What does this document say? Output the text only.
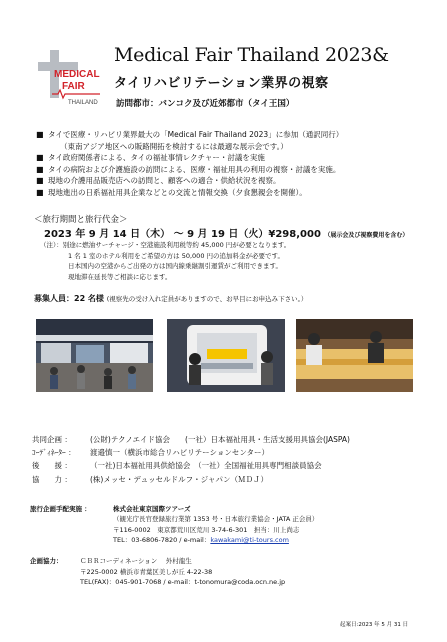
MEDICAL
FAIR
THAILAND
Medical Fair Thailand 2023&
タイリハビリテーション業界の視察
訪問都市：バンコク及び近郊都市（タイ王国）
■ タイで医療・リハビリ業界最大の「Medical Fair Thailand 2023」に参加（通訳同行）
（東南アジア地区への販路開拓を検討するには最適な展示会です。）
■ タイ政府関係者による、タイの福祉事情レクチャー・討議を実施
■ タイの病院および介護施設の訪問による、医療・福祉用具の利用の視察・討議を実施。
■ 現地の介護用品販売店への訪問と、顧客への適合・供給状況を視察。
■ 現地進出の日系福祉用具企業などとの交流と情報交換（夕食懇親会を開催）。
＜旅行期間と旅行代金＞
2023 年 9 月 14 日（木） ～ 9 月 19 日（火）¥298,000 （展示会及び視察費用を含む）
（注）：別途に燃油サーチャージ・空港施設利用税等約 45,000 円が必要となります。
1 名 1 室のホテル利用をご希望の方は 50,000 円の追加料金が必要です。
日本国内の空港からご出発の方は国内線乗継割引運賃がご利用できます。
現地滞在延長等ご相談に応じます。
募集人員：22 名様 (視察先の受け入れ定員がありますので、お早目にお申込み下さい。）
共同企画 ：	(公財)テクノエイド協会　　(一社）日本福祉用具・生活支援用具協会(JASPA)
ｺｰﾃﾞｨﾈｰﾀｰ ：	渡邉慎一（横浜市総合リハビリテーションセンター）
後　　援 ：	（一社)日本福祉用具供給協会　（一社）全国福祉用具専門相談員協会
協　　力 ：	(株)メッセ・デュッセルドルフ・ジャパン（ＭＤＪ）
旅行企画手配実施 ：	株式会社東京国際ツアーズ
（観光庁長官登録旅行業第 1353 号・日本旅行業協会・JATA 正会員）
〒116-0002　東京都荒川区荒川 3-74-6-301　担当：川上尚志
TEL：03-6806-7820 / e-mail：kawakami@ti-tours.com
企画協力：	ＣＢＲコーディネーション　 外村龍生
〒225-0002 横浜市青葉区美しが丘 4-22-38
TEL(FAX)：045-901-7068 / e-mail：t-tonomura@coda.ocn.ne.jp
起案日:2023 年 5 月 31 日
